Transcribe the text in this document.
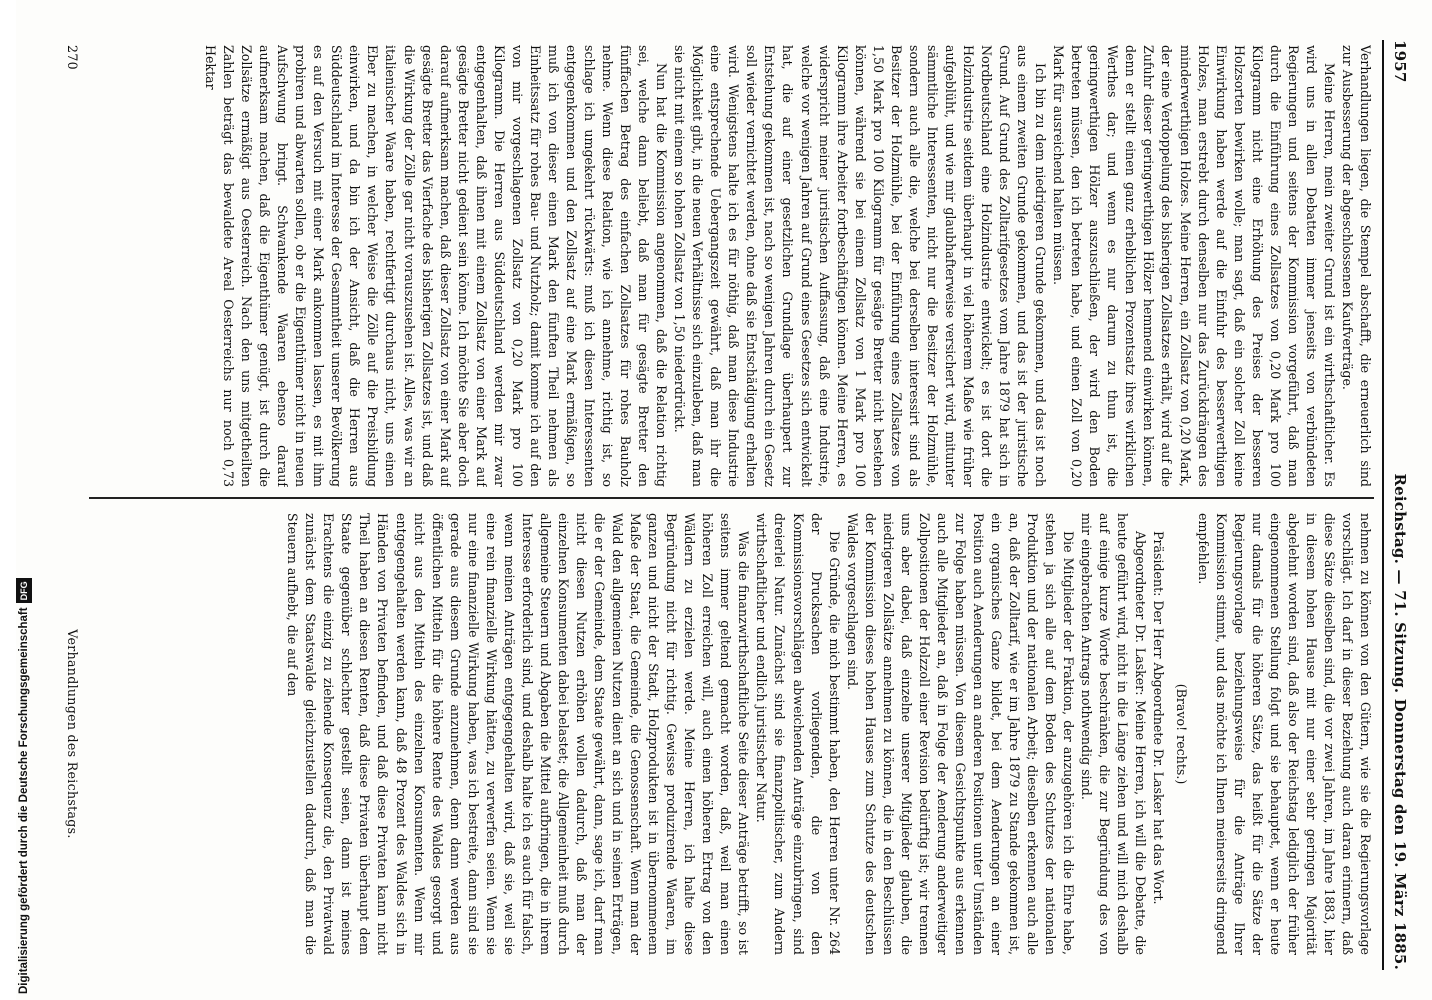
1957
Reichstag. — 71. Sitzung. Donnerstag den 19. März 1885.

Verhandlungen liegen, die Stempel abschafft, die erneuerlich sind zur Ausbesserung der abgeschlossenen Kaufverträge.

Meine Herren, mein zweiter Grund ist ein wirthschaftlicher. Es wird uns in allen Debatten immer jenseits von verbündeten Regierungen und seitens der Kommission vorgeführt, daß man durch die Einführung eines Zollsatzes von 0,20 Mark pro 100 Kilogramm nicht eine Erhöhung des Preises der besseren Holzsorten bewirken wolle; man sagt, daß ein solcher Zoll keine Einwirkung haben werde auf die Einfuhr des besserwerthigen Holzes, man erstrebt durch denselben nur das Zurückdrängen des minderwerthigen Holzes. Meine Herren, ein Zollsatz von 0,20 Mark, der eine Verdoppelung des bisherigen Zollsatzes erhält, wird auf die Zufuhr dieser geringwerthigen Hölzer hemmend einwirken können, denn er stellt einen ganz erheblichen Prozentsatz ihres wirklichen Werthes dar; und wenn es nur darum zu thun ist, die geringwerthigen Hölzer auszuschließen, der wird den Boden betreten müssen, den ich betreten habe, und einen Zoll von 0,20 Mark für ausreichend halten müssen.

Ich bin zu dem niedrigeren Grunde gekommen, und das ist noch aus einem zweiten Grunde gekommen, und das ist der juristische Grund. Auf Grund des Zolltarifgesetzes vom Jahre 1879 hat sich in Nordbeutschland eine Holzindustrie entwickelt; es ist dort die Holzindustrie seitdem überhaupt in viel höherem Maße wie früher aufgeblüht, und wie mir glaubhafterweise versichert wird, mitunter sämmtliche Interessenten, nicht nur die Besitzer der Holzmühle, sondern auch alle die, welche bei derselben interessirt sind als Besitzer der Holzmühle, bei der Einführung eines Zollsatzes von 1,50 Mark pro 100 Kilogramm für gesägte Bretter nicht bestehen können, während sie bei einem Zollsatz von 1 Mark pro 100 Kilogramm ihre Arbeiter fortbeschäftigen können. Meine Herren, es widerspricht meiner juristischen Auffassung, daß eine Industrie, welche vor wenigen Jahren auf Grund eines Gesetzes sich entwickelt hat, die auf einer gesetzlichen Grundlage überhaupert zur Entstehung gekommen ist, nach so wenigen Jahren durch ein Gesetz soll wieder vernichtet werden, ohne daß sie Entschädigung erhalten wird. Wenigstens halte ich es für nöthig, daß man diese Industrie eine entsprechende Uebergangszeit gewährt, daß man ihr die Möglichkeit gibt, in die neuen Verhältnisse sich einzuleben, daß man sie nicht mit einem so hohen Zollsatz von 1,50 niederdrückt.

Nun hat die Kommission angenommen, daß die Relation richtig sei, welche dann beliebt, daß man für gesägte Bretter den fünffachen Betrag des einfachen Zollsatzes für rohes Bauholz nehme. Wenn diese Relation, wie ich annehme, richtig ist, so schlage ich umgekehrt rückwärts: muß ich diesen Interessenten entgegenkommen und den Zollsatz auf eine Mark ermäßigen, so muß ich von dieser einen Mark den fünften Theil nehmen als Einheitssatz für rohes Bau- und Nutzholz; damit komme ich auf den von mir vorgeschlagenen Zollsatz von 0,20 Mark pro 100 Kilogramm. Die Herren aus Süddeutschland werden mir zwar entgegenhalten, daß ihnen mit einem Zollsatz von einer Mark auf gesägte Bretter nicht gedient sein könne. Ich möchte Sie aber doch darauf aufmerksam machen, daß dieser Zollsatz von einer Mark auf gesägte Bretter das Vierfache des bisherigen Zollsatzes ist, und daß die Wirkung der Zölle gar nicht vorauszusehen ist. Alles, was wir an italienischer Waare haben, rechtfertigt durchaus nicht, uns einen Eber zu machen, in welcher Weise die Zölle auf die Preisbildung einwirken, und da bin ich der Ansicht, daß die Herren aus Süddeutschland im Interesse der Gesammtheit unserer Bevölkerung es auf den Versuch mit einer Mark ankommen lassen, es mit ihm probiren und abwarten sollen, ob er die Eigenthümer nicht in neuen Aufschwung bringt. Schwankende Waaren ebenso darauf aufmerksam machen, daß die Eigenthümer genügt, ist durch die Zollsätze ermäßigt aus Oesterreich. Nach den uns mitgetheilten Zahlen beträgt das bewaldete Areal Oesterreichs nur noch 0,73 Hektar

nehmen zu können von den Gütern, wie sie die Regierungsvorlage vorschlägt. Ich darf in dieser Beziehung auch daran erinnern, daß diese Sätze dieselben sind, die vor zwei Jahren, im Jahre 1883, hier in diesem hohen Hause mit nur einer sehr geringen Majorität abgelehnt worden sind, daß also der Reichstag lediglich der früher eingenommenen Stellung folgt und sie behauptet, wenn er heute nur damals für die höheren Sätze, das heißt für die Sätze der Regierungsvorlage beziehungsweise für die Anträge Ihrer Kommission stimmt, und das möchte ich Ihnen meinerseits dringend empfehlen.

(Bravo! rechts.)

Präsident: Der Herr Abgeordnete Dr. Lasker hat das Wort.

Abgeordneter Dr. Lasker: Meine Herren, ich will die Debatte, die heute geführt wird, nicht in die Länge ziehen und will mich deshalb auf einige kurze Worte beschränken, die zur Begründung des von mir eingebrachten Antrags nothwendig sind.

Die Mitglieder der Fraktion, der anzugehören ich die Ehre habe, stehen ja sich alle auf dem Boden des Schutzes der nationalen Produktion und der nationalen Arbeit; dieselben erkennen auch alle an, daß der Zolltarif, wie er im Jahre 1879 zu Stande gekommen ist, ein organisches Ganze bildet, bei dem Aenderungen an einer Position auch Aenderungen an anderen Positionen unter Umständen zur Folge haben müssen. Von diesem Gesichtspunkte aus erkennen auch alle Mitglieder an, daß in Folge der Aenderung anderweitiger Zollpositionen der Holzzoll einer Revision bedürftig ist; wir trennen uns aber dabei, daß einzelne unserer Mitglieder glauben, die niedrigeren Zollsätze annehmen zu können, die in den Beschlüssen der Kommission dieses hohen Hauses zum Schutze des deutschen Waldes vorgeschlagen sind.

Die Gründe, die mich bestimmt haben, den Herren unter Nr. 264 der Drucksachen vorliegenden, die von den Kommissionsvorschlägen abweichenden Anträge einzubringen, sind dreierlei Natur. Zunächst sind sie finanzpolitischer, zum Andern wirthschaftlicher und endlich juristischer Natur.

Was die finanzwirthschaftliche Seite dieser Anträge betrifft, so ist seitens immer geltend gemacht worden, daß, weil man einen höheren Zoll erreichen will, auch einen höheren Ertrag von den Wäldern zu erzielen werde. Meine Herren, ich halte diese Begründung nicht für richtig. Gewisse produzirende Waaren, im ganzen und nicht der Stadt, Holzprodukten ist in übernommenem Maße der Staat, die Gemeinde, die Genossenschaft. Wenn man der Wald den allgemeinen Nutzen dient an sich und in seinen Erträgen, die er der Gemeinde, dem Staate gewährt, dann, sage ich, darf man nicht diesen Nutzen erhöhen wollen dadurch, daß man der einzelnen Konsumenten dabei belastet; die Allgemeinheit muß durch allgemeine Steuern und Abgaben die Mittel aufbringen, die in ihrem Interesse erforderlich sind, und deshalb halte ich es auch für falsch, wenn meinen Anträgen entgegengehalten wird, daß sie, weil sie eine rein finanzielle Wirkung hätten, zu verwerfen seien. Wenn sie nur eine finanzielle Wirkung haben, was ich bestreite, dann sind sie gerade aus diesem Grunde anzunehmen, denn dann werden aus öffentlichen Mitteln für die höhere Rente des Waldes gesorgt und nicht aus den Mitteln des einzelnen Konsumenten. Wenn mir entgegengehalten werden kann, daß 48 Prozent des Waldes sich in Händen von Privaten befinden, und daß diese Privaten kann nicht Theil haben an diesen Renten, daß diese Privaten überhaupt dem Staate gegenüber schlechter gestellt seien, dann ist meines Erachtens die einzig zu ziehende Konsequenz die, den Privatwald zunächst dem Staatswalde gleichzustellen dadurch, daß man die Steuern aufhebt, die auf den

270
Verhandlungen des Reichstags.
Digitalisierung gefördert durch die Deutsche ForschungsgemeinschaftDFG
